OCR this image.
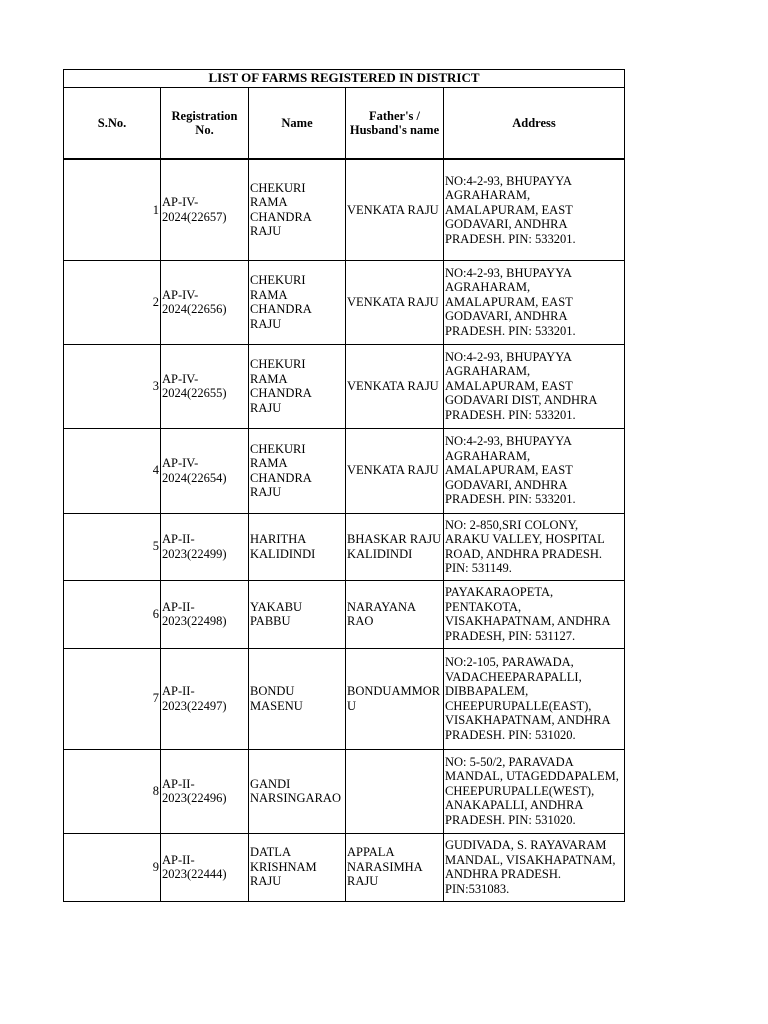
LIST OF FARMS REGISTERED IN DISTRICT				
S.No.	Registration No.	Name	Father's / Husband's name	Address
1	AP-IV-2024(22657)	CHEKURI RAMA CHANDRA RAJU	VENKATA RAJU	NO:4-2-93, BHUPAYYA AGRAHARAM, AMALAPURAM, EAST GODAVARI, ANDHRA PRADESH. PIN: 533201.
2	AP-IV-2024(22656)	CHEKURI RAMA CHANDRA RAJU	VENKATA RAJU	NO:4-2-93, BHUPAYYA AGRAHARAM, AMALAPURAM, EAST GODAVARI, ANDHRA PRADESH. PIN: 533201.
3	AP-IV-2024(22655)	CHEKURI RAMA CHANDRA RAJU	VENKATA RAJU	NO:4-2-93, BHUPAYYA AGRAHARAM, AMALAPURAM, EAST GODAVARI DIST, ANDHRA PRADESH. PIN: 533201.
4	AP-IV-2024(22654)	CHEKURI RAMA CHANDRA RAJU	VENKATA RAJU	NO:4-2-93, BHUPAYYA AGRAHARAM, AMALAPURAM, EAST GODAVARI, ANDHRA PRADESH. PIN: 533201.
5	AP-II-2023(22499)	HARITHA KALIDINDI	BHASKAR RAJU KALIDINDI	NO: 2-850,SRI COLONY, ARAKU VALLEY, HOSPITAL ROAD, ANDHRA PRADESH. PIN: 531149.
6	AP-II-2023(22498)	YAKABU PABBU	NARAYANA RAO	PAYAKARAOPETA, PENTAKOTA, VISAKHAPATNAM, ANDHRA PRADESH, PIN: 531127.
7	AP-II-2023(22497)	BONDU MASENU	BONDUAMMORU	NO:2-105, PARAWADA, VADACHEEPARAPALLI, DIBBAPALEM, CHEEPURUPALLE(EAST), VISAKHAPATNAM, ANDHRA PRADESH. PIN: 531020.
8	AP-II-2023(22496)	GANDI NARSINGARAO		NO: 5-50/2, PARAVADA MANDAL, UTAGEDDAPALEM, CHEEPURUPALLE(WEST), ANAKAPALLI, ANDHRA PRADESH. PIN: 531020.
9	AP-II-2023(22444)	DATLA KRISHNAM RAJU	APPALA NARASIMHA RAJU	GUDIVADA, S. RAYAVARAM MANDAL, VISAKHAPATNAM, ANDHRA PRADESH. PIN:531083.
